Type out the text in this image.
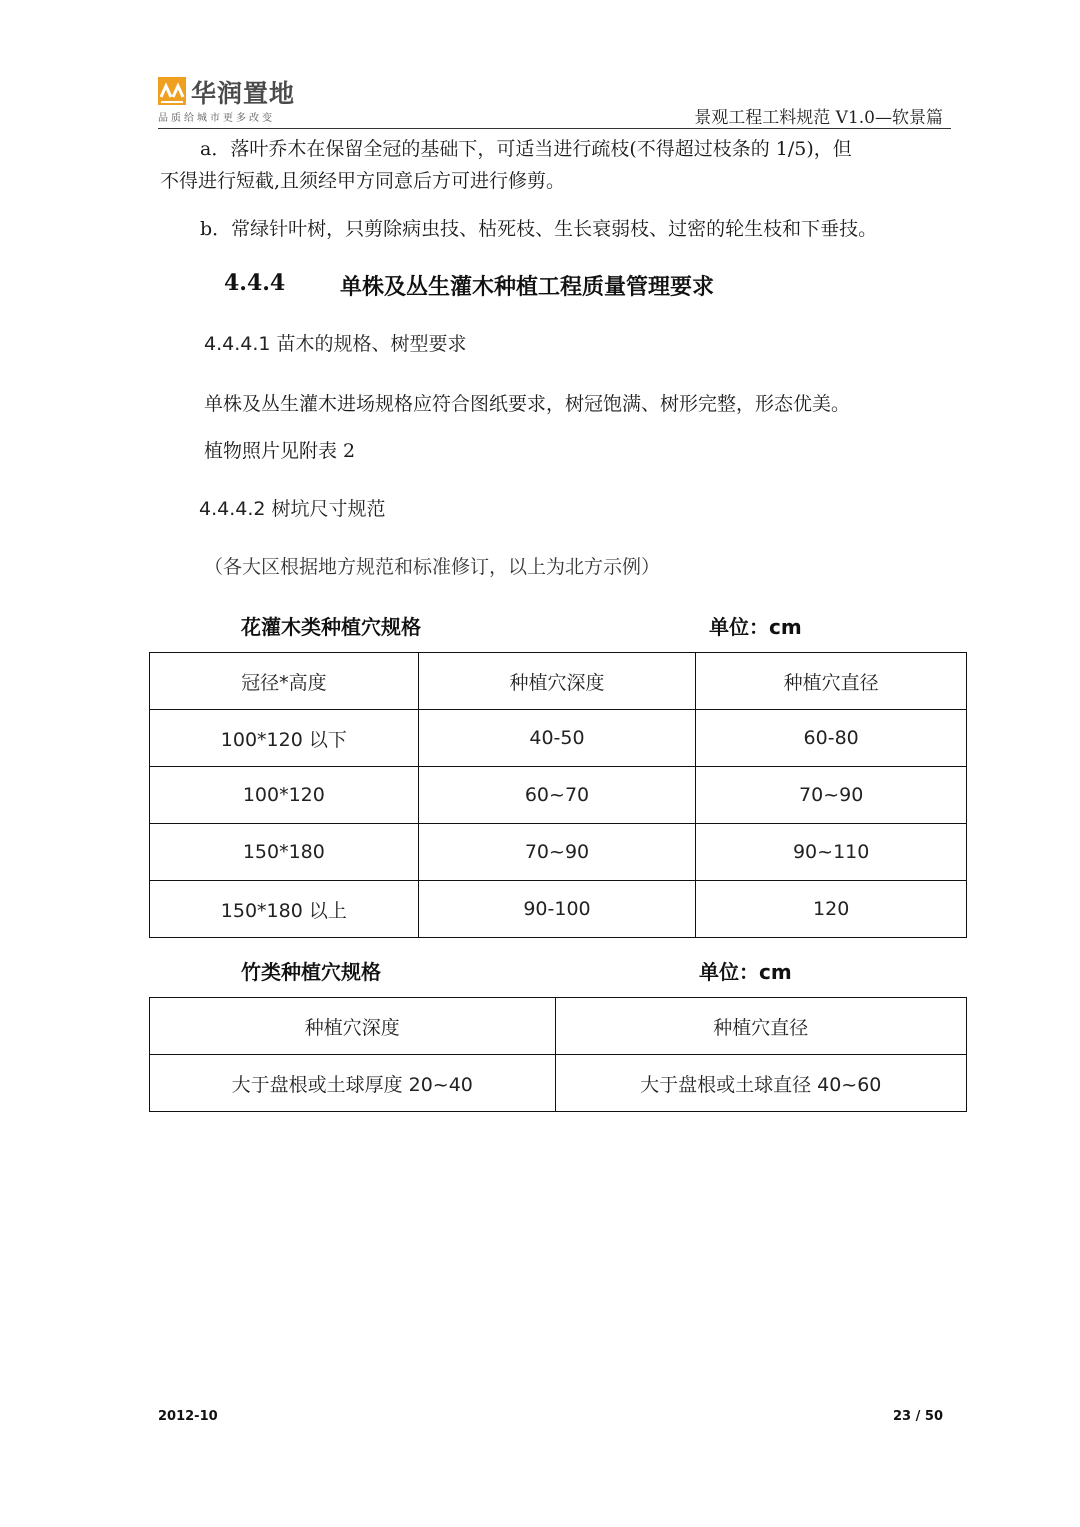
华润置地
品质给城市更多改变	景观工程工料规范 V1.0—软景篇
a．落叶乔木在保留全冠的基础下，可适当进行疏枝(不得超过枝条的 1/5)，但
不得进行短截,且须经甲方同意后方可进行修剪。
b．常绿针叶树，只剪除病虫技、枯死枝、生长衰弱枝、过密的轮生枝和下垂技。
4.4.4 单株及丛生灌木种植工程质量管理要求
4.4.4.1 苗木的规格、树型要求
单株及丛生灌木进场规格应符合图纸要求，树冠饱满、树形完整，形态优美。
植物照片见附表 2
4.4.4.2 树坑尺寸规范
（各大区根据地方规范和标准修订，以上为北方示例）
花灌木类种植穴规格	单位：cm
冠径*高度	种植穴深度	种植穴直径
100*120 以下	40-50	60-80
100*120	60~70	70~90
150*180	70~90	90~110
150*180 以上	90-100	120
竹类种植穴规格	单位：cm
种植穴深度	种植穴直径
大于盘根或土球厚度 20~40	大于盘根或土球直径 40~60
2012-10	23 / 50
